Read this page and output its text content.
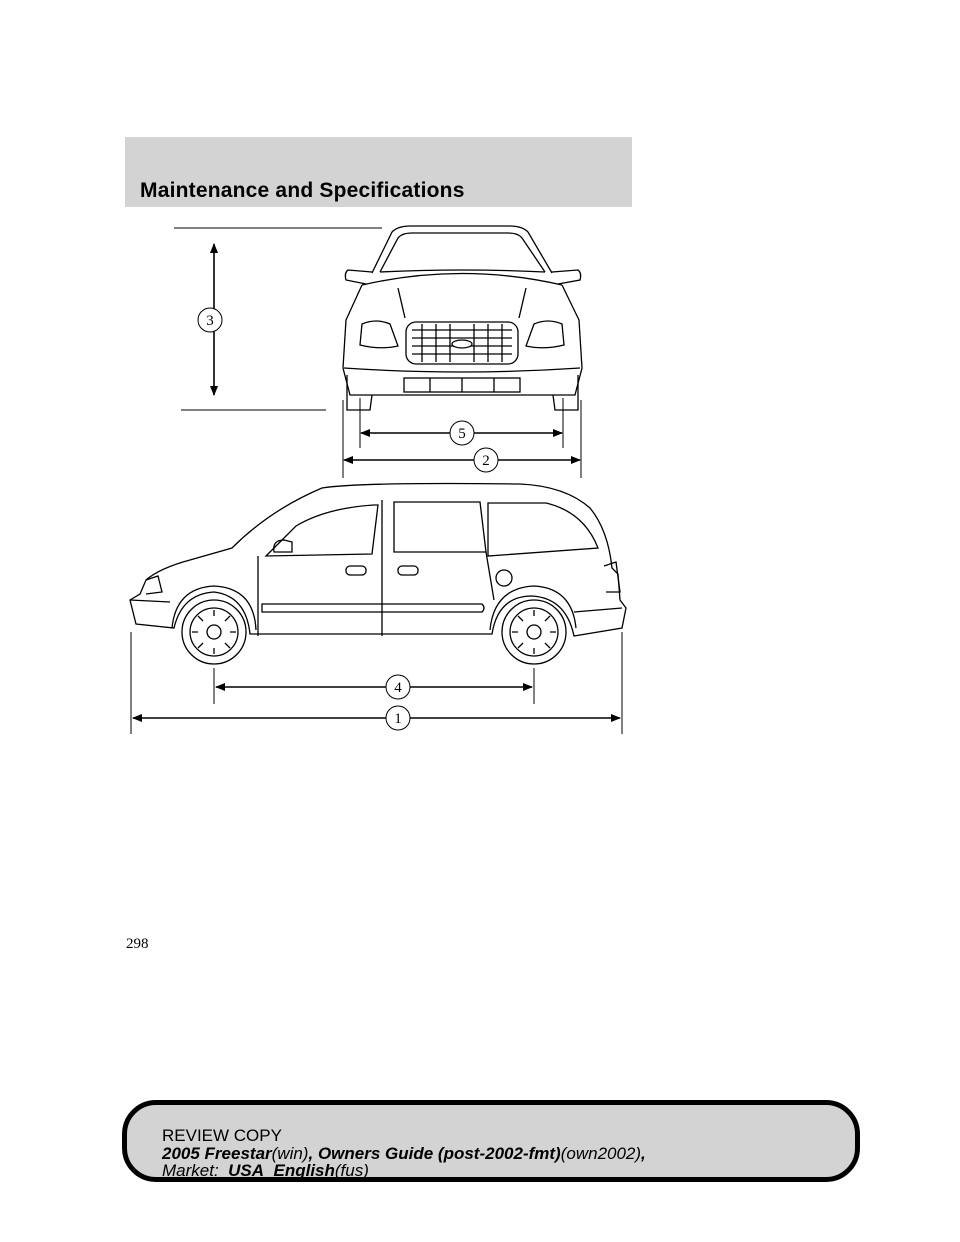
Maintenance and Specifications
3
5
2
4
1
298
REVIEW COPY
2005 Freestar(win), Owners Guide (post-2002-fmt)(own2002),
Market: USA_English(fus)
